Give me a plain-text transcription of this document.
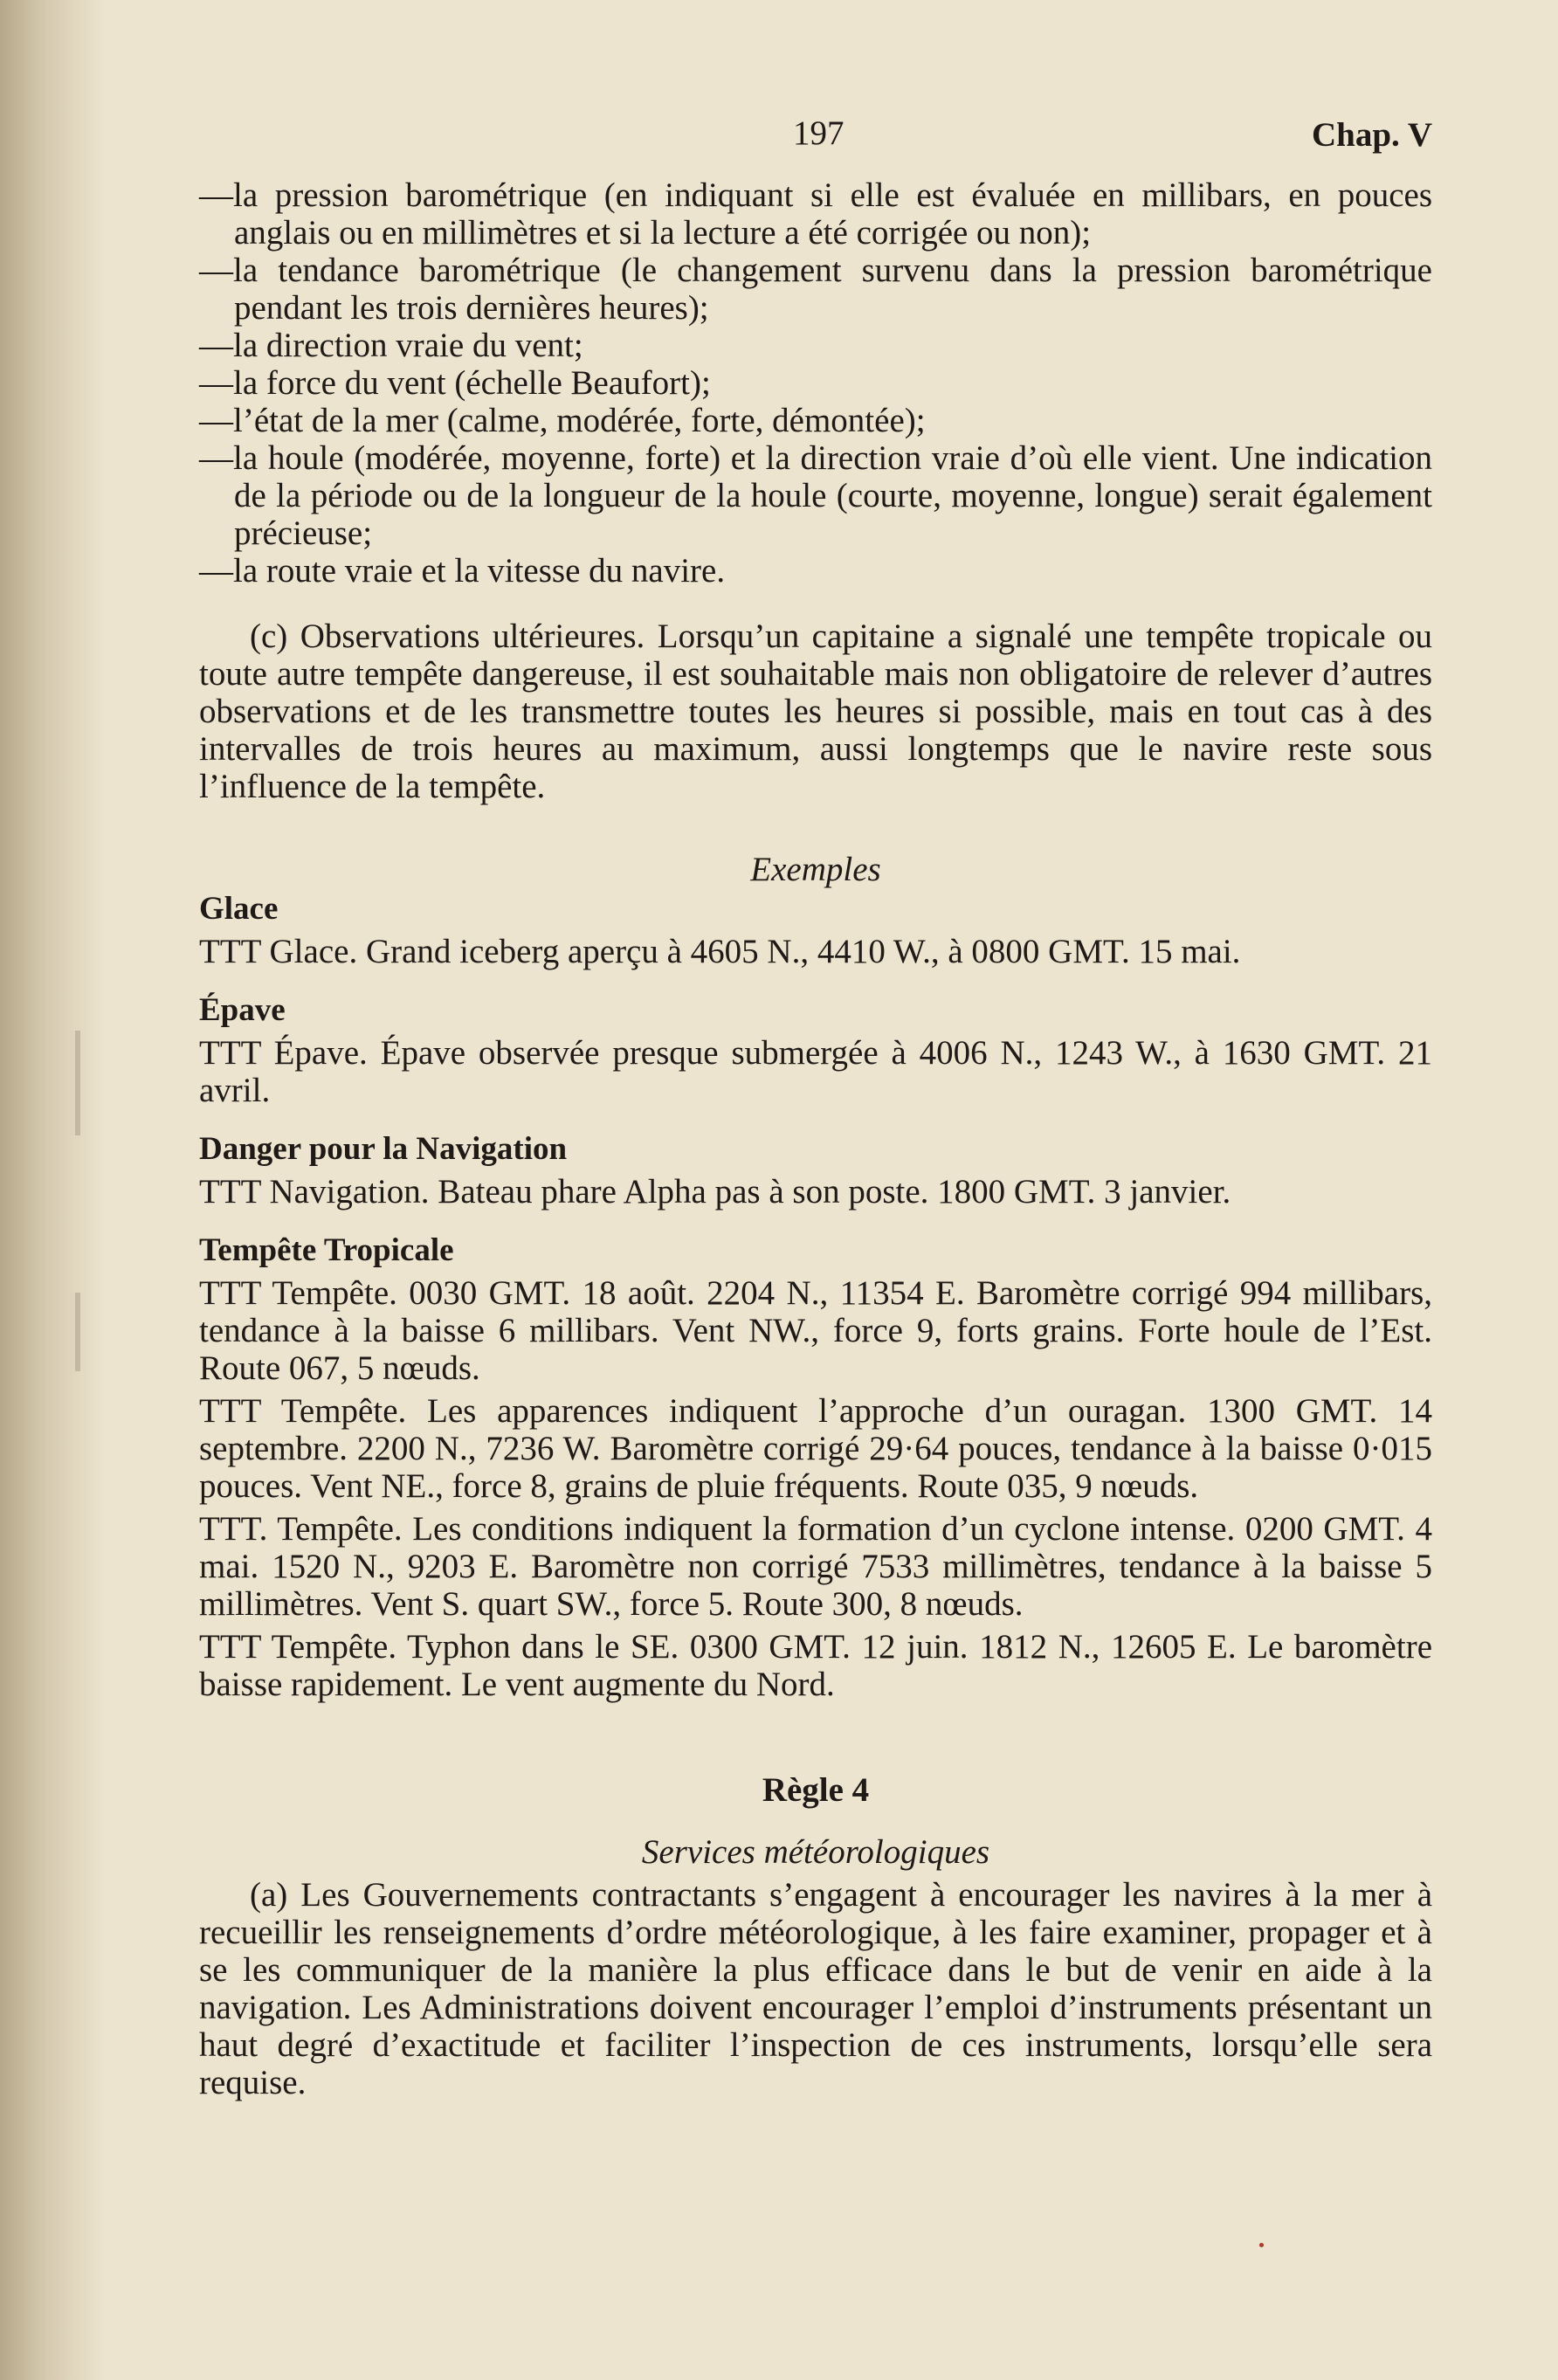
197	Chap. V
—la pression barométrique (en indiquant si elle est évaluée en millibars, en pouces anglais ou en millimètres et si la lecture a été corrigée ou non);
—la tendance barométrique (le changement survenu dans la pression barométrique pendant les trois dernières heures);
—la direction vraie du vent;
—la force du vent (échelle Beaufort);
—l’état de la mer (calme, modérée, forte, démontée);
—la houle (modérée, moyenne, forte) et la direction vraie d’où elle vient. Une indication de la période ou de la longueur de la houle (courte, moyenne, longue) serait également précieuse;
—la route vraie et la vitesse du navire.

(c) Observations ultérieures. Lorsqu’un capitaine a signalé une tempête tropicale ou toute autre tempête dangereuse, il est souhaitable mais non obligatoire de relever d’autres observations et de les transmettre toutes les heures si possible, mais en tout cas à des intervalles de trois heures au maximum, aussi longtemps que le navire reste sous l’influence de la tempête.

Exemples

Glace

TTT Glace. Grand iceberg aperçu à 4605 N., 4410 W., à 0800 GMT. 15 mai.

Épave

TTT Épave. Épave observée presque submergée à 4006 N., 1243 W., à 1630 GMT. 21 avril.

Danger pour la Navigation

TTT Navigation. Bateau phare Alpha pas à son poste. 1800 GMT. 3 janvier.

Tempête Tropicale

TTT Tempête. 0030 GMT. 18 août. 2204 N., 11354 E. Baromètre corrigé 994 millibars, tendance à la baisse 6 millibars. Vent NW., force 9, forts grains. Forte houle de l’Est. Route 067, 5 nœuds.

TTT Tempête. Les apparences indiquent l’approche d’un ouragan. 1300 GMT. 14 septembre. 2200 N., 7236 W. Baromètre corrigé 29·64 pouces, tendance à la baisse 0·015 pouces. Vent NE., force 8, grains de pluie fréquents. Route 035, 9 nœuds.

TTT. Tempête. Les conditions indiquent la formation d’un cyclone intense. 0200 GMT. 4 mai. 1520 N., 9203 E. Baromètre non corrigé 7533 millimètres, tendance à la baisse 5 millimètres. Vent S. quart SW., force 5. Route 300, 8 nœuds.

TTT Tempête. Typhon dans le SE. 0300 GMT. 12 juin. 1812 N., 12605 E. Le baromètre baisse rapidement. Le vent augmente du Nord.

Règle 4

Services météorologiques

(a) Les Gouvernements contractants s’engagent à encourager les navires à la mer à recueillir les renseignements d’ordre météorologique, à les faire examiner, propager et à se les communiquer de la manière la plus efficace dans le but de venir en aide à la navigation. Les Administrations doivent encourager l’emploi d’instruments présentant un haut degré d’exactitude et faciliter l’inspection de ces instruments, lorsqu’elle sera requise.
